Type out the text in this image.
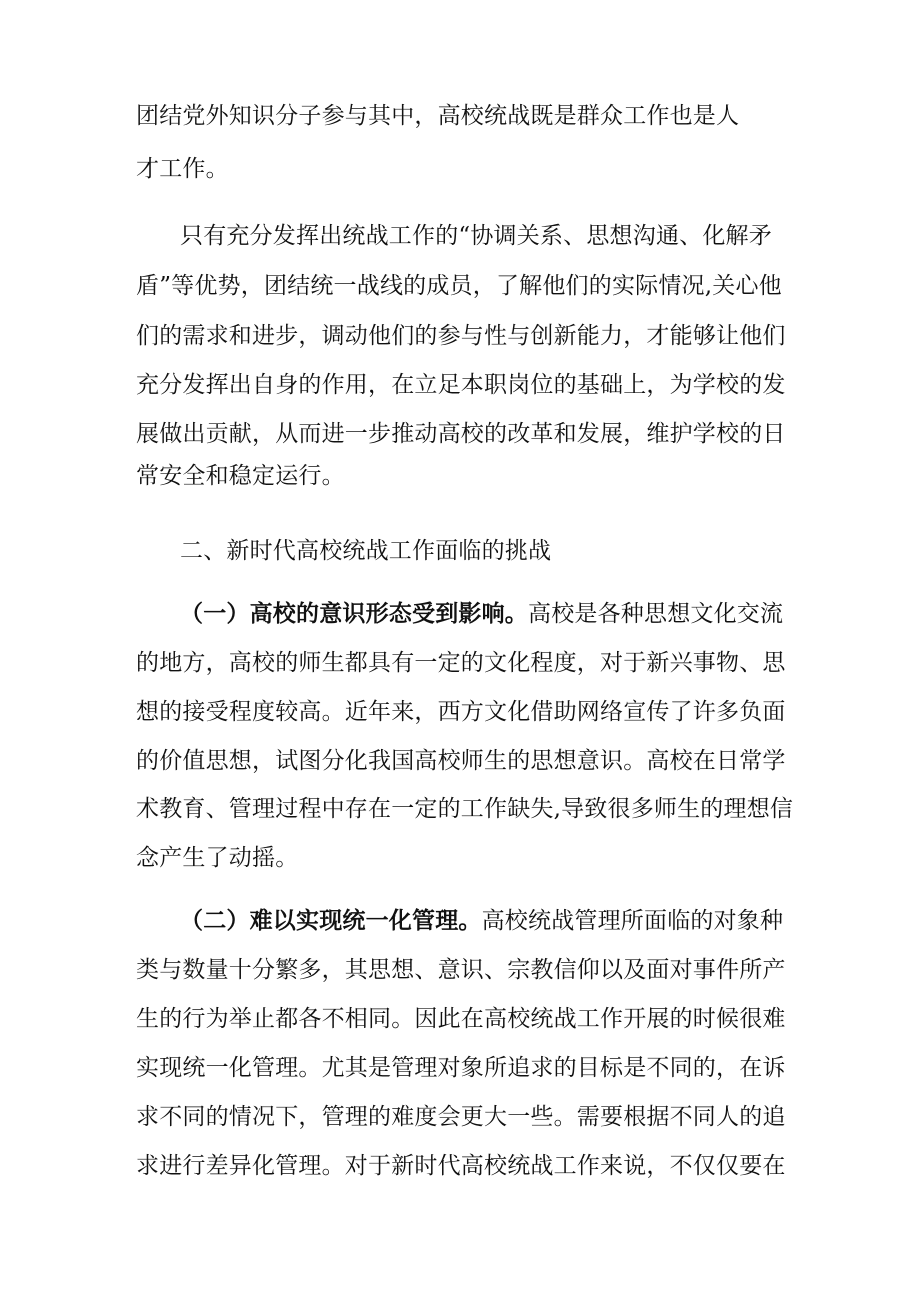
团结党外知识分子参与其中，高校统战既是群众工作也是人
才工作。
只有充分发挥出统战工作的“协调关系、思想沟通、化解矛
盾”等优势，团结统一战线的成员，了解他们的实际情况,关心他
们的需求和进步，调动他们的参与性与创新能力，才能够让他们
充分发挥出自身的作用，在立足本职岗位的基础上，为学校的发
展做出贡献，从而进一步推动高校的改革和发展，维护学校的日
常安全和稳定运行。
二、新时代高校统战工作面临的挑战
（一）高校的意识形态受到影响。高校是各种思想文化交流
的地方，高校的师生都具有一定的文化程度，对于新兴事物、思
想的接受程度较高。近年来，西方文化借助网络宣传了许多负面
的价值思想，试图分化我国高校师生的思想意识。高校在日常学
术教育、管理过程中存在一定的工作缺失,导致很多师生的理想信
念产生了动摇。
（二）难以实现统一化管理。高校统战管理所面临的对象种
类与数量十分繁多，其思想、意识、宗教信仰以及面对事件所产
生的行为举止都各不相同。因此在高校统战工作开展的时候很难
实现统一化管理。尤其是管理对象所追求的目标是不同的，在诉
求不同的情况下，管理的难度会更大一些。需要根据不同人的追
求进行差异化管理。对于新时代高校统战工作来说，不仅仅要在
